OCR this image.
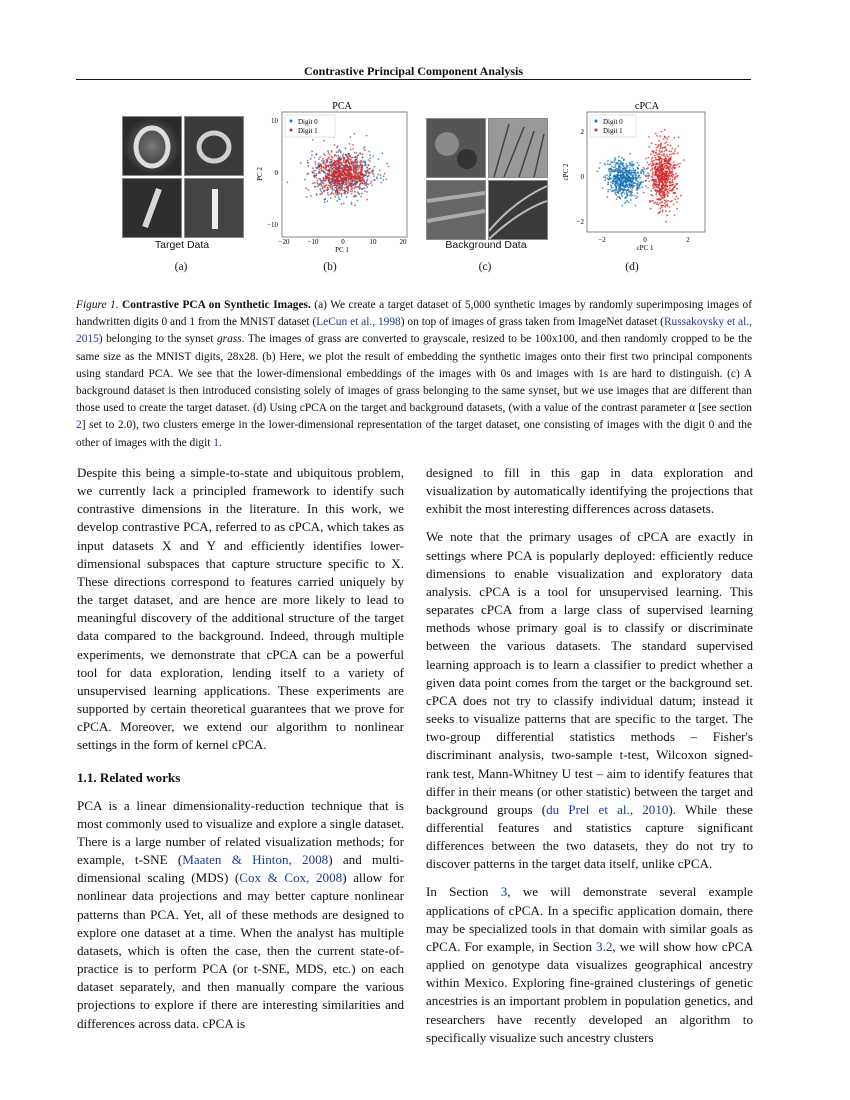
Contrastive Principal Component Analysis
Target Data
(a)
PCA
Digit 0
Digit 1
10
0
−10
−20	−10	0	10	20
PC 1
PC 2
(b)
Background Data
(c)
cPCA
Digit 0
Digit 1
2
0
−2
−2	0	2
cPC 1
cPC 2
(d)
Figure 1. Contrastive PCA on Synthetic Images. (a) We create a target dataset of 5,000 synthetic images by randomly superimposing images of handwritten digits 0 and 1 from the MNIST dataset (LeCun et al., 1998) on top of images of grass taken from ImageNet dataset (Russakovsky et al., 2015) belonging to the synset grass. The images of grass are converted to grayscale, resized to be 100x100, and then randomly cropped to be the same size as the MNIST digits, 28x28. (b) Here, we plot the result of embedding the synthetic images onto their first two principal components using standard PCA. We see that the lower-dimensional embeddings of the images with 0s and images with 1s are hard to distinguish. (c) A background dataset is then introduced consisting solely of images of grass belonging to the same synset, but we use images that are different than those used to create the target dataset. (d) Using cPCA on the target and background datasets, (with a value of the contrast parameter α [see section 2] set to 2.0), two clusters emerge in the lower-dimensional representation of the target dataset, one consisting of images with the digit 0 and the other of images with the digit 1.

Despite this being a simple-to-state and ubiquitous problem, we currently lack a principled framework to identify such contrastive dimensions in the literature. In this work, we develop contrastive PCA, referred to as cPCA, which takes as input datasets X and Y and efficiently identifies lower-dimensional subspaces that capture structure specific to X. These directions correspond to features carried uniquely by the target dataset, and are hence are more likely to lead to meaningful discovery of the additional structure of the target data compared to the background. Indeed, through multiple experiments, we demonstrate that cPCA can be a powerful tool for data exploration, lending itself to a variety of unsupervised learning applications. These experiments are supported by certain theoretical guarantees that we prove for cPCA. Moreover, we extend our algorithm to nonlinear settings in the form of kernel cPCA.

1.1. Related works

PCA is a linear dimensionality-reduction technique that is most commonly used to visualize and explore a single dataset. There is a large number of related visualization methods; for example, t-SNE (Maaten & Hinton, 2008) and multi-dimensional scaling (MDS) (Cox & Cox, 2008) allow for nonlinear data projections and may better capture nonlinear patterns than PCA. Yet, all of these methods are designed to explore one dataset at a time. When the analyst has multiple datasets, which is often the case, then the current state-of-practice is to perform PCA (or t-SNE, MDS, etc.) on each dataset separately, and then manually compare the various projections to explore if there are interesting similarities and differences across data. cPCA is

designed to fill in this gap in data exploration and visualization by automatically identifying the projections that exhibit the most interesting differences across datasets.

We note that the primary usages of cPCA are exactly in settings where PCA is popularly deployed: efficiently reduce dimensions to enable visualization and exploratory data analysis. cPCA is a tool for unsupervised learning. This separates cPCA from a large class of supervised learning methods whose primary goal is to classify or discriminate between the various datasets. The standard supervised learning approach is to learn a classifier to predict whether a given data point comes from the target or the background set. cPCA does not try to classify individual datum; instead it seeks to visualize patterns that are specific to the target. The two-group differential statistics methods – Fisher's discriminant analysis, two-sample t-test, Wilcoxon signed-rank test, Mann-Whitney U test – aim to identify features that differ in their means (or other statistic) between the target and background groups (du Prel et al., 2010). While these differential features and statistics capture significant differences between the two datasets, they do not try to discover patterns in the target data itself, unlike cPCA.

In Section 3, we will demonstrate several example applications of cPCA. In a specific application domain, there may be specialized tools in that domain with similar goals as cPCA. For example, in Section 3.2, we will show how cPCA applied on genotype data visualizes geographical ancestry within Mexico. Exploring fine-grained clusterings of genetic ancestries is an important problem in population genetics, and researchers have recently developed an algorithm to specifically visualize such ancestry clusters
